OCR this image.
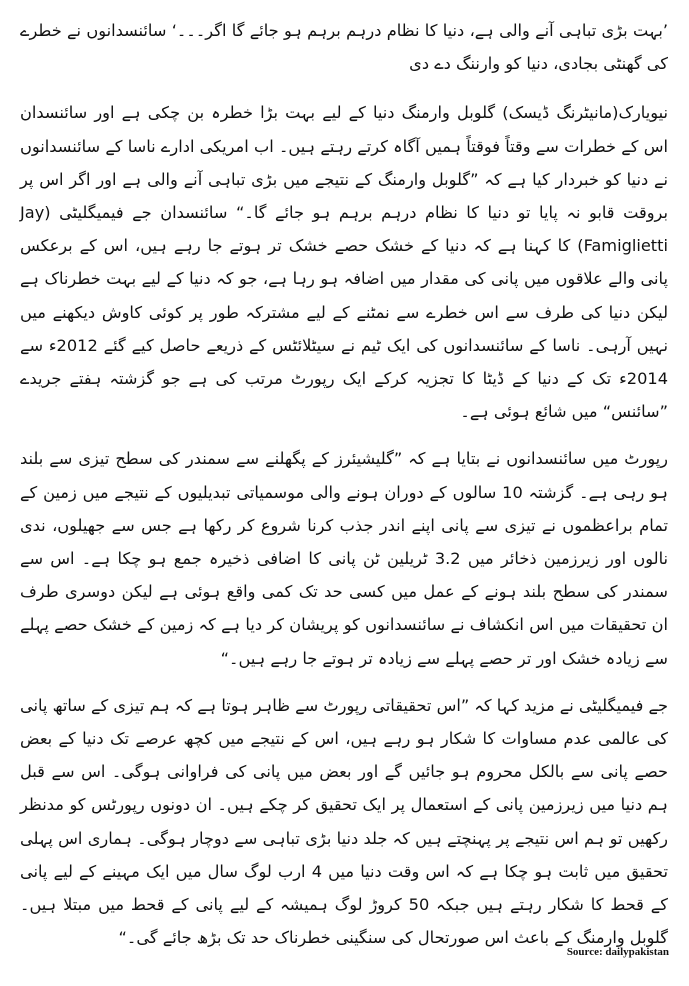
’بہت بڑی تباہی آنے والی ہے، دنیا کا نظام درہم برہم ہو جائے گا اگر۔۔۔‘ سائنسدانوں نے خطرے کی گھنٹی بجادی، دنیا کو وارننگ دے دی

نیویارک(مانیٹرنگ ڈیسک) گلوبل وارمنگ دنیا کے لیے بہت بڑا خطرہ بن چکی ہے اور سائنسدان اس کے خطرات سے وقتاً فوقتاً ہمیں آگاہ کرتے رہتے ہیں۔ اب امریکی ادارے ناسا کے سائنسدانوں نے دنیا کو خبردار کیا ہے کہ ”گلوبل وارمنگ کے نتیجے میں بڑی تباہی آنے والی ہے اور اگر اس پر بروقت قابو نہ پایا تو دنیا کا نظام درہم برہم ہو جائے گا۔“ سائنسدان جے فیمیگلیٹی (Jay Famiglietti) کا کہنا ہے کہ دنیا کے خشک حصے خشک تر ہوتے جا رہے ہیں، اس کے برعکس پانی والے علاقوں میں پانی کی مقدار میں اضافہ ہو رہا ہے، جو کہ دنیا کے لیے بہت خطرناک ہے لیکن دنیا کی طرف سے اس خطرے سے نمٹنے کے لیے مشترکہ طور پر کوئی کاوش دیکھنے میں نہیں آرہی۔ ناسا کے سائنسدانوں کی ایک ٹیم نے سیٹلائٹس کے ذریعے حاصل کیے گئے 2012ء سے 2014ء تک کے دنیا کے ڈیٹا کا تجزیہ کرکے ایک رپورٹ مرتب کی ہے جو گزشتہ ہفتے جریدے ”سائنس“ میں شائع ہوئی ہے۔

رپورٹ میں سائنسدانوں نے بتایا ہے کہ ”گلیشیئرز کے پگھلنے سے سمندر کی سطح تیزی سے بلند ہو رہی ہے۔ گزشتہ 10 سالوں کے دوران ہونے والی موسمیاتی تبدیلیوں کے نتیجے میں زمین کے تمام براعظموں نے تیزی سے پانی اپنے اندر جذب کرنا شروع کر رکھا ہے جس سے جھیلوں، ندی نالوں اور زیرزمین ذخائر میں 3.2 ٹریلین ٹن پانی کا اضافی ذخیرہ جمع ہو چکا ہے۔ اس سے سمندر کی سطح بلند ہونے کے عمل میں کسی حد تک کمی واقع ہوئی ہے لیکن دوسری طرف ان تحقیقات میں اس انکشاف نے سائنسدانوں کو پریشان کر دیا ہے کہ زمین کے خشک حصے پہلے سے زیادہ خشک اور تر حصے پہلے سے زیادہ تر ہوتے جا رہے ہیں۔“

جے فیمیگلیٹی نے مزید کہا کہ ”اس تحقیقاتی رپورٹ سے ظاہر ہوتا ہے کہ ہم تیزی کے ساتھ پانی کی عالمی عدم مساوات کا شکار ہو رہے ہیں، اس کے نتیجے میں کچھ عرصے تک دنیا کے بعض حصے پانی سے بالکل محروم ہو جائیں گے اور بعض میں پانی کی فراوانی ہوگی۔ اس سے قبل ہم دنیا میں زیرزمین پانی کے استعمال پر ایک تحقیق کر چکے ہیں۔ ان دونوں رپورٹس کو مدنظر رکھیں تو ہم اس نتیجے پر پہنچتے ہیں کہ جلد دنیا بڑی تباہی سے دوچار ہوگی۔ ہماری اس پہلی تحقیق میں ثابت ہو چکا ہے کہ اس وقت دنیا میں 4 ارب لوگ سال میں ایک مہینے کے لیے پانی کے قحط کا شکار رہتے ہیں جبکہ 50 کروڑ لوگ ہمیشہ کے لیے پانی کے قحط میں مبتلا ہیں۔ گلوبل وارمنگ کے باعث اس صورتحال کی سنگینی خطرناک حد تک بڑھ جائے گی۔“

Source: dailypakistan
